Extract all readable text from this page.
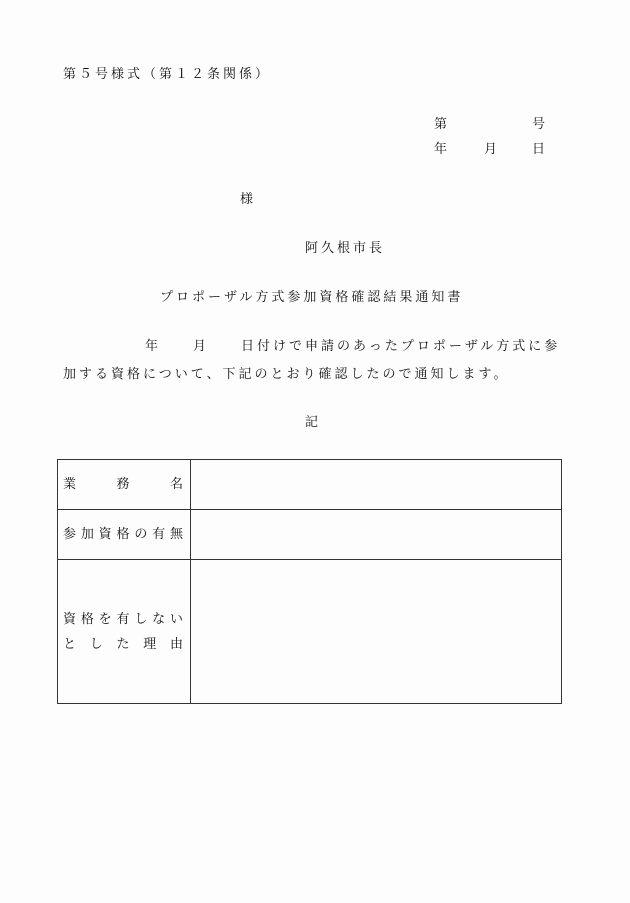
第５号様式（第１２条関係）
第	号
年	月 日
様
阿久根市長
プロポーザル方式参加資格確認結果通知書
年　　月　　日付けで申請のあったプロポーザル方式に参
加する資格について、下記のとおり確認したので通知します。
記
業務名
参加資格の有無
資格を有しない
とした理由
